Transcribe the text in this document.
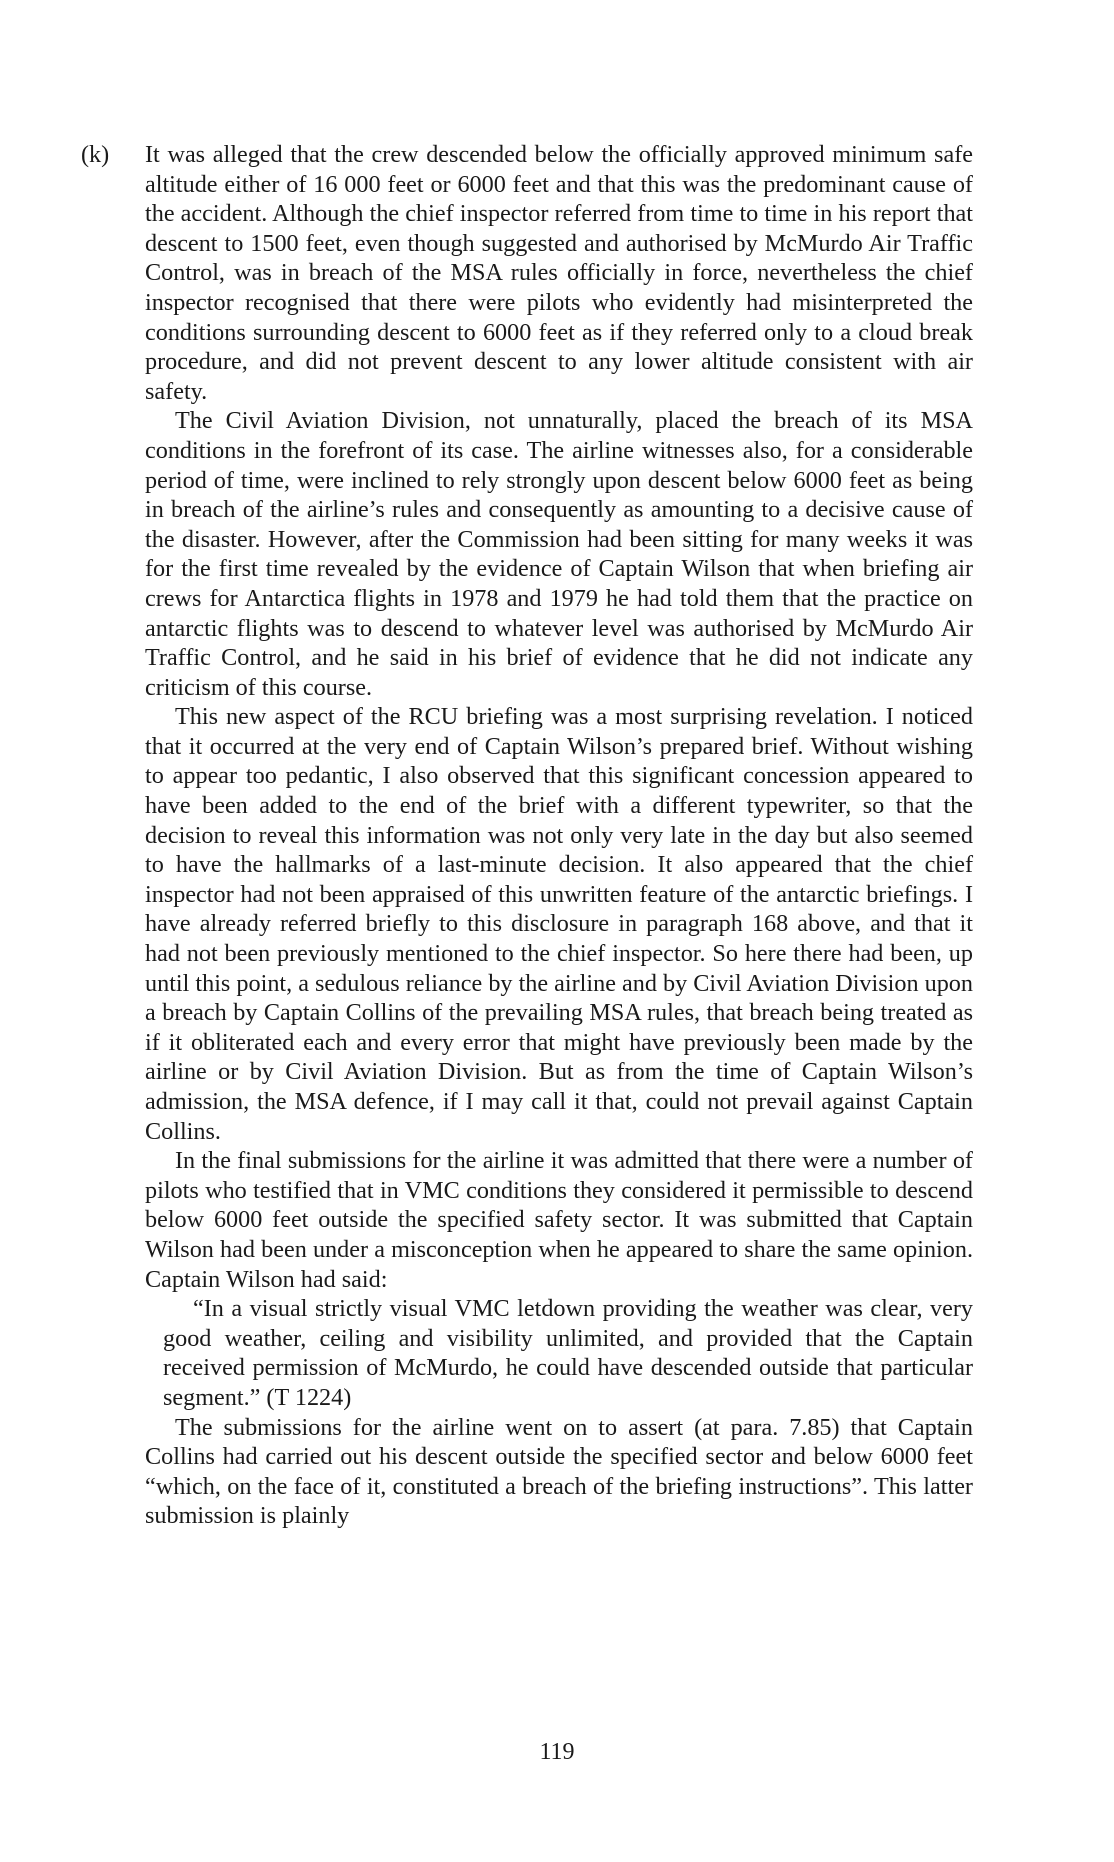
(k) It was alleged that the crew descended below the officially approved minimum safe altitude either of 16 000 feet or 6000 feet and that this was the predominant cause of the accident. Although the chief inspector referred from time to time in his report that descent to 1500 feet, even though suggested and authorised by McMurdo Air Traffic Control, was in breach of the MSA rules officially in force, nevertheless the chief inspector recognised that there were pilots who evidently had misinterpreted the conditions surrounding descent to 6000 feet as if they referred only to a cloud break procedure, and did not prevent descent to any lower altitude consistent with air safety.

The Civil Aviation Division, not unnaturally, placed the breach of its MSA conditions in the forefront of its case. The airline witnesses also, for a considerable period of time, were inclined to rely strongly upon descent below 6000 feet as being in breach of the airline’s rules and consequently as amounting to a decisive cause of the disaster. However, after the Commission had been sitting for many weeks it was for the first time revealed by the evidence of Captain Wilson that when briefing air crews for Antarctica flights in 1978 and 1979 he had told them that the practice on antarctic flights was to descend to whatever level was authorised by McMurdo Air Traffic Control, and he said in his brief of evidence that he did not indicate any criticism of this course.

This new aspect of the RCU briefing was a most surprising revelation. I noticed that it occurred at the very end of Captain Wilson’s prepared brief. Without wishing to appear too pedantic, I also observed that this significant concession appeared to have been added to the end of the brief with a different typewriter, so that the decision to reveal this information was not only very late in the day but also seemed to have the hallmarks of a last-minute decision. It also appeared that the chief inspector had not been appraised of this unwritten feature of the antarctic briefings. I have already referred briefly to this disclosure in paragraph 168 above, and that it had not been previously mentioned to the chief inspector. So here there had been, up until this point, a sedulous reliance by the airline and by Civil Aviation Division upon a breach by Captain Collins of the prevailing MSA rules, that breach being treated as if it obliterated each and every error that might have previously been made by the airline or by Civil Aviation Division. But as from the time of Captain Wilson’s admission, the MSA defence, if I may call it that, could not prevail against Captain Collins.

In the final submissions for the airline it was admitted that there were a number of pilots who testified that in VMC conditions they considered it permissible to descend below 6000 feet outside the specified safety sector. It was submitted that Captain Wilson had been under a misconception when he appeared to share the same opinion. Captain Wilson had said:

“In a visual strictly visual VMC letdown providing the weather was clear, very good weather, ceiling and visibility unlimited, and provided that the Captain received permission of McMurdo, he could have descended outside that particular segment.” (T 1224)

The submissions for the airline went on to assert (at para. 7.85) that Captain Collins had carried out his descent outside the specified sector and below 6000 feet “which, on the face of it, constituted a breach of the briefing instructions”. This latter submission is plainly

119
